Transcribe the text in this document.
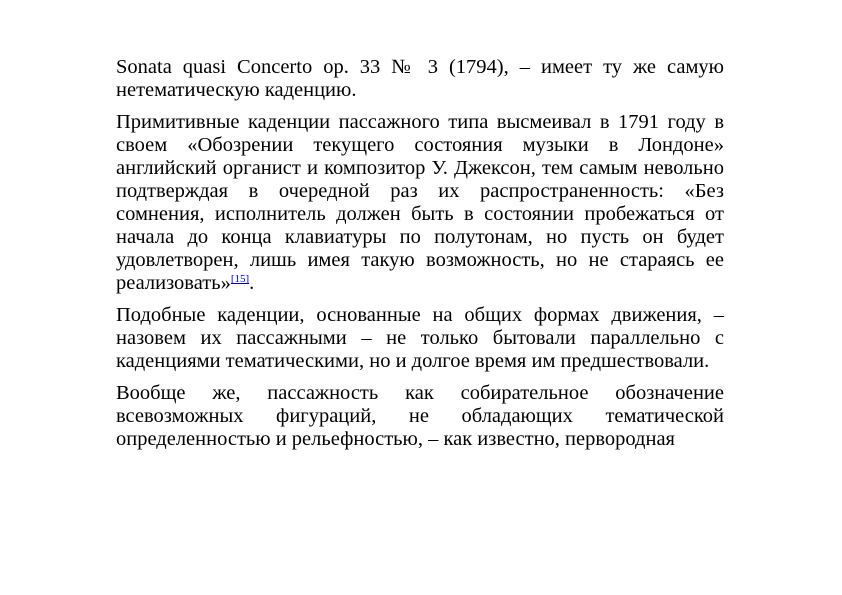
Sonata quasi Concerto op. 33 № 3 (1794), – имеет ту же самую нетематическую каденцию.

Примитивные каденции пассажного типа высмеивал в 1791 году в своем «Обозрении текущего состояния музыки в Лондоне» английский органист и композитор У. Джексон, тем самым невольно подтверждая в очередной раз их распространенность: «Без сомнения, исполнитель должен быть в состоянии пробежаться от начала до конца клавиатуры по полутонам, но пусть он будет удовлетворен, лишь имея такую возможность, но не стараясь ее реализовать»[15].

Подобные каденции, основанные на общих формах движения, – назовем их пассажными – не только бытовали параллельно с каденциями тематическими, но и долгое время им предшествовали.

Вообще же, пассажность как собирательное обозначение всевозможных фигураций, не обладающих тематической определенностью и рельефностью, – как известно, первородная
